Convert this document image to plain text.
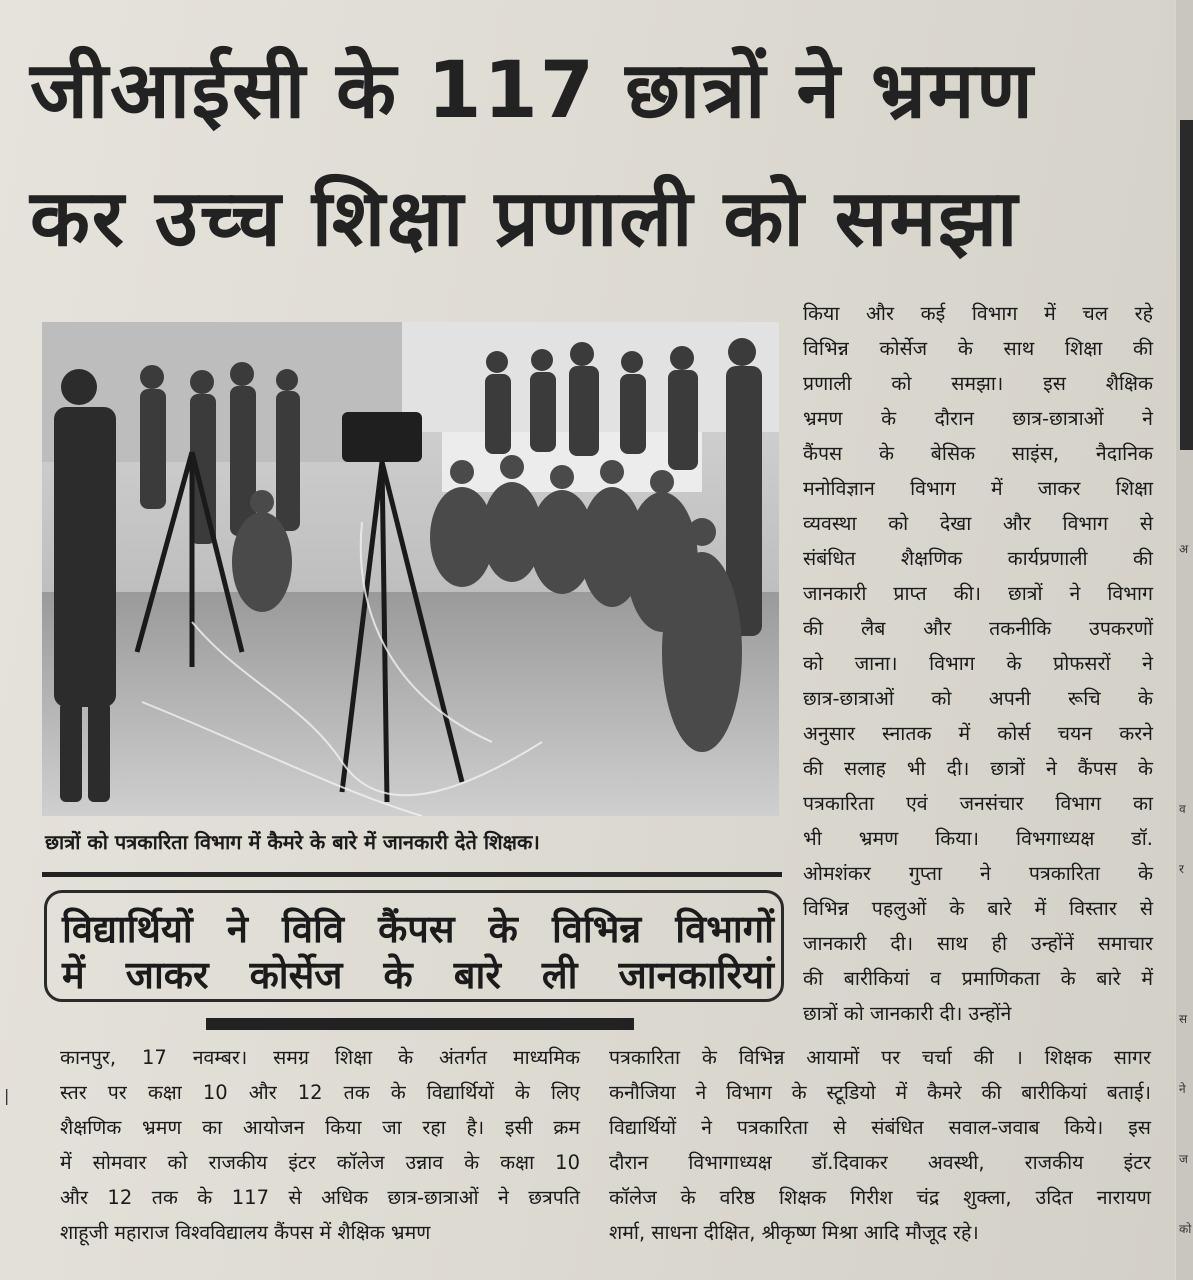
अ
व
र
स
ने
ज
को
|
जीआईसी के 117 छात्रों ने भ्रमण
कर उच्च शिक्षा प्रणाली को समझा
छात्रों को पत्रकारिता विभाग में कैमरे के बारे में जानकारी देते शिक्षक।
विद्यार्थियों ने विवि कैंपस के विभिन्न विभागों
में जाकर कोर्सेज के बारे ली जानकारियां
किया और कई विभाग में चल रहे
विभिन्न कोर्सेज के साथ शिक्षा की
प्रणाली को समझा। इस शैक्षिक
भ्रमण के दौरान छात्र-छात्राओं ने
कैंपस के बेसिक साइंस, नैदानिक
मनोविज्ञान विभाग में जाकर शिक्षा
व्यवस्था को देखा और विभाग से
संबंधित शैक्षणिक कार्यप्रणाली की
जानकारी प्राप्त की। छात्रों ने विभाग
की लैब और तकनीकि उपकरणों
को जाना। विभाग के प्रोफसरों ने
छात्र-छात्राओं को अपनी रूचि के
अनुसार स्नातक में कोर्स चयन करने
की सलाह भी दी। छात्रों ने कैंपस के
पत्रकारिता एवं जनसंचार विभाग का
भी भ्रमण किया। विभगाध्यक्ष डॉ.
ओमशंकर गुप्ता ने पत्रकारिता के
विभिन्न पहलुओं के बारे में विस्तार से
जानकारी दी। साथ ही उन्होंनें समाचार
की बारीकियां व प्रमाणिकता के बारे में
छात्रों को जानकारी दी। उन्होंने
कानपुर, 17 नवम्बर। समग्र शिक्षा के अंतर्गत माध्यमिक
स्तर पर कक्षा 10 और 12 तक के विद्यार्थियों के लिए
शैक्षणिक भ्रमण का आयोजन किया जा रहा है। इसी क्रम
में सोमवार को राजकीय इंटर कॉलेज उन्नाव के कक्षा 10
और 12 तक के 117 से अधिक छात्र-छात्राओं ने छत्रपति
शाहूजी महाराज विश्वविद्यालय कैंपस में शैक्षिक भ्रमण
पत्रकारिता के विभिन्न आयामों पर चर्चा की । शिक्षक सागर
कनौजिया ने विभाग के स्टूडियो में कैमरे की बारीकियां बताई।
विद्यार्थियों ने पत्रकारिता से संबंधित सवाल-जवाब किये। इस
दौरान विभागाध्यक्ष डॉ.दिवाकर अवस्थी, राजकीय इंटर
कॉलेज के वरिष्ठ शिक्षक गिरीश चंद्र शुक्ला, उदित नारायण
शर्मा, साधना दीक्षित, श्रीकृष्ण मिश्रा आदि मौजूद रहे।
